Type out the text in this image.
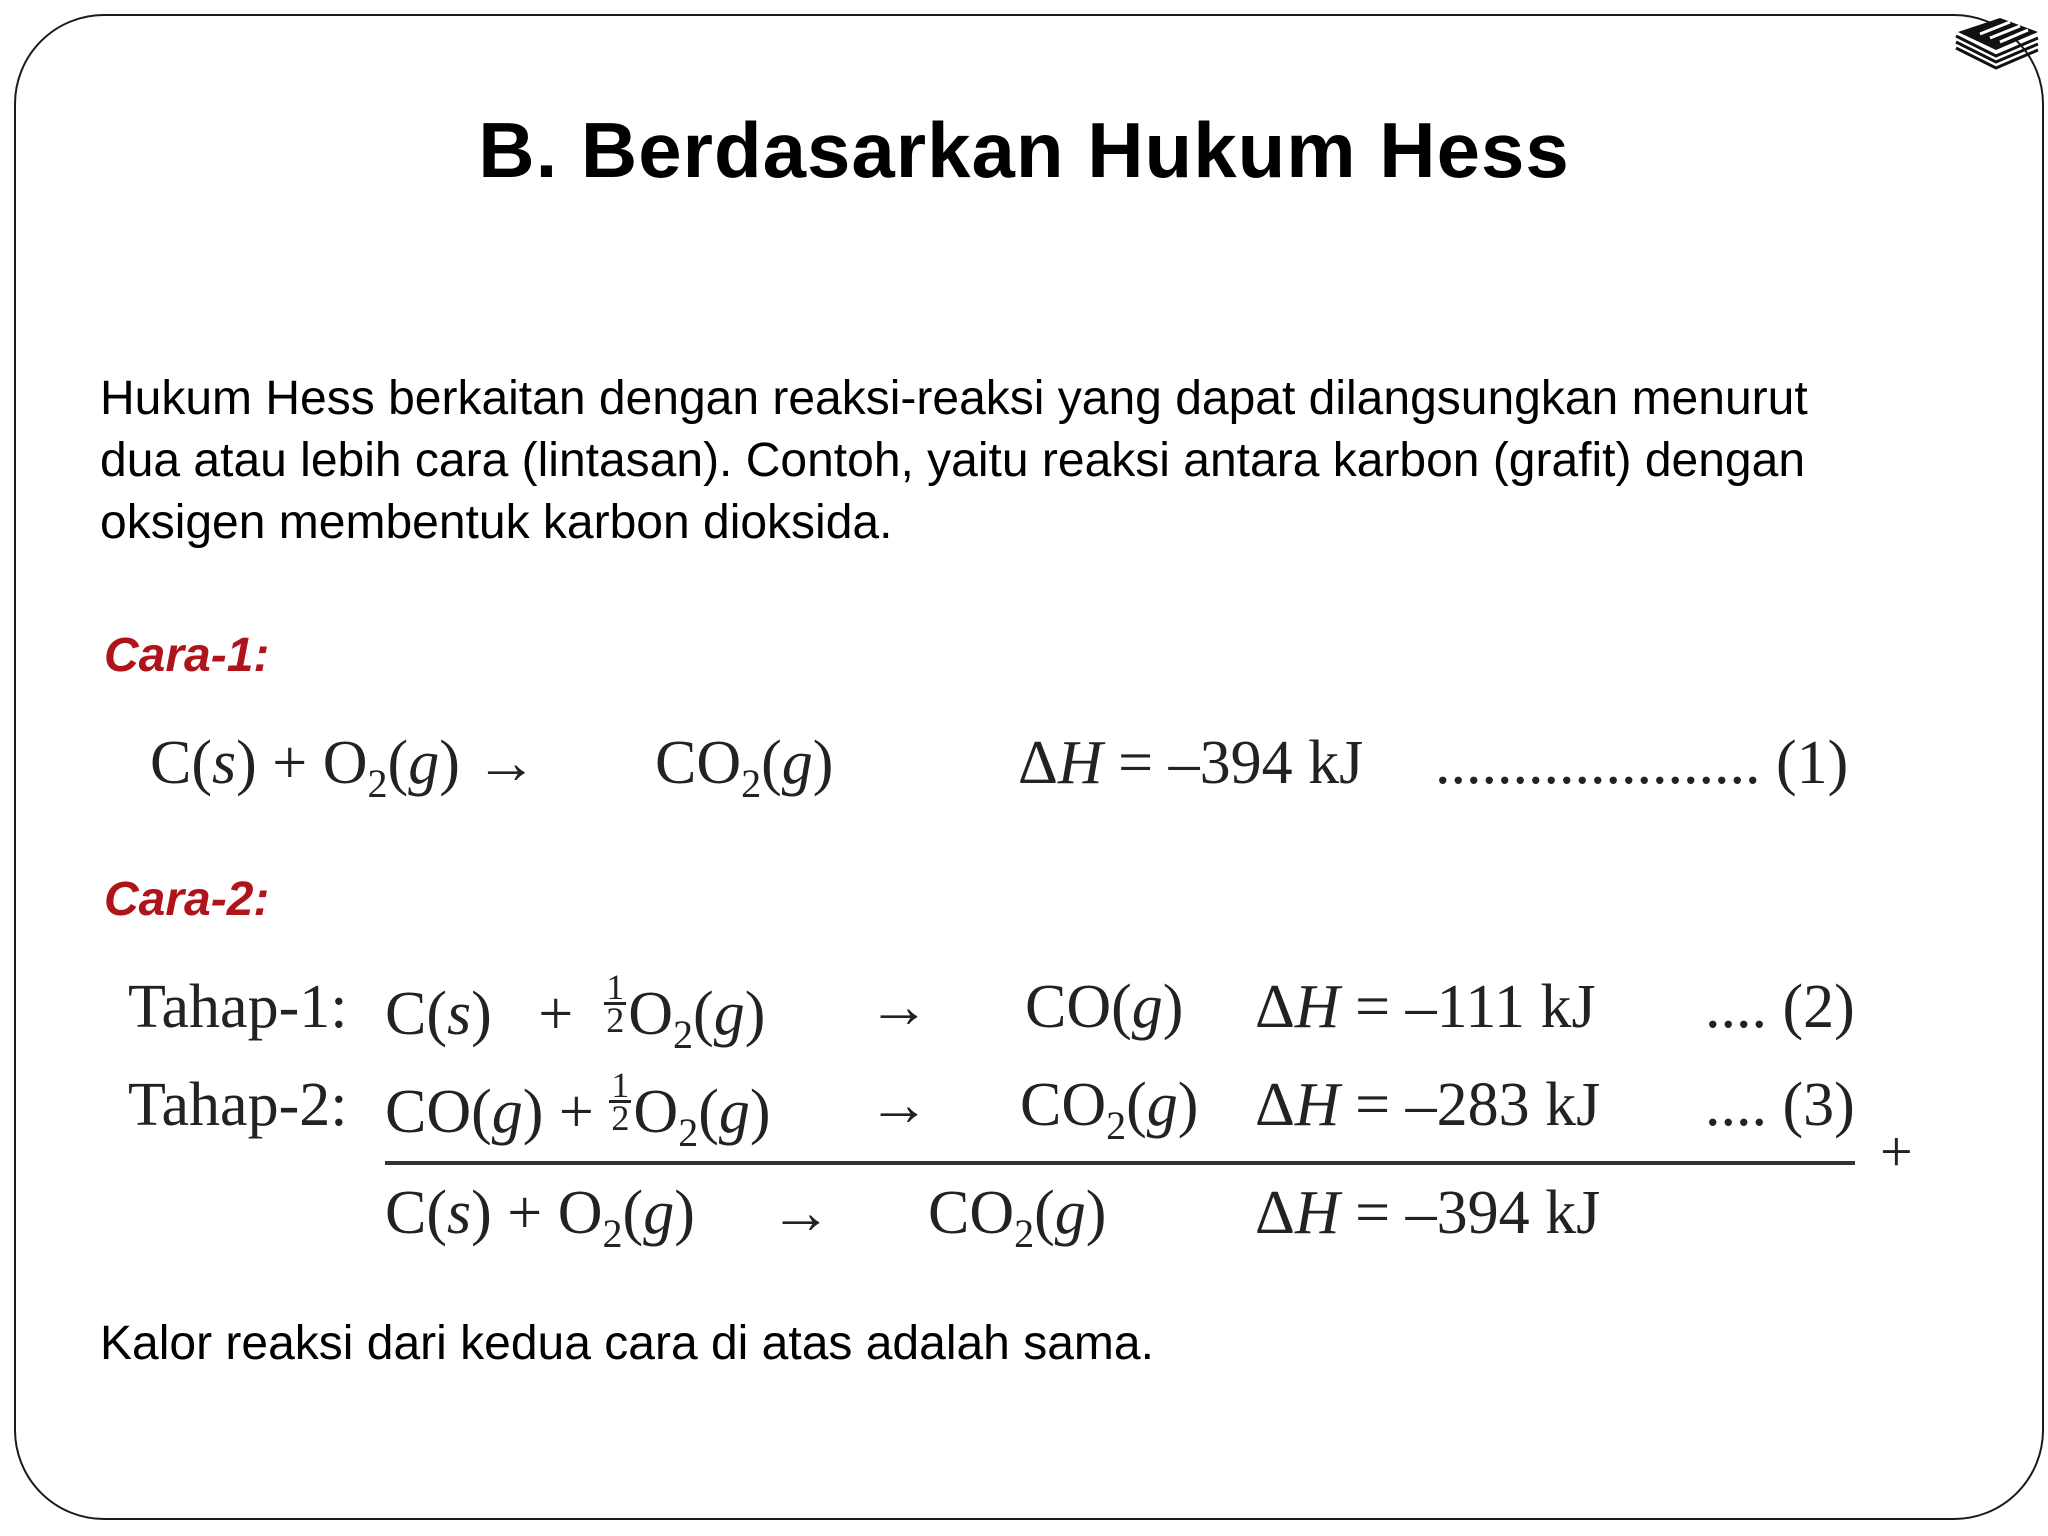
B. Berdasarkan Hukum Hess
Hukum Hess berkaitan dengan reaksi-reaksi yang dapat dilangsungkan menurut
dua atau lebih cara (lintasan). Contoh, yaitu reaksi antara karbon (grafit) dengan
oksigen membentuk karbon dioksida.
Cara-1:
$C(s) + O_2(g) \to CO_2(g)$	ΔH = –394 kJ ..................... (1)
Cara-2:
Tahap-1: $C(s) + \frac{1}{2} O_2(g) \to CO(g) \Delta H = -111$ kJ .... (2)
Tahap-2: $CO(g) + \frac{1}{2} O_2(g) \to CO_2(g) \Delta H = -283$ kJ .... (3)
+
$C(s) + O_2(g) \to CO_2(g) \Delta H = -394$ kJ
Kalor reaksi dari kedua cara di atas adalah sama.
